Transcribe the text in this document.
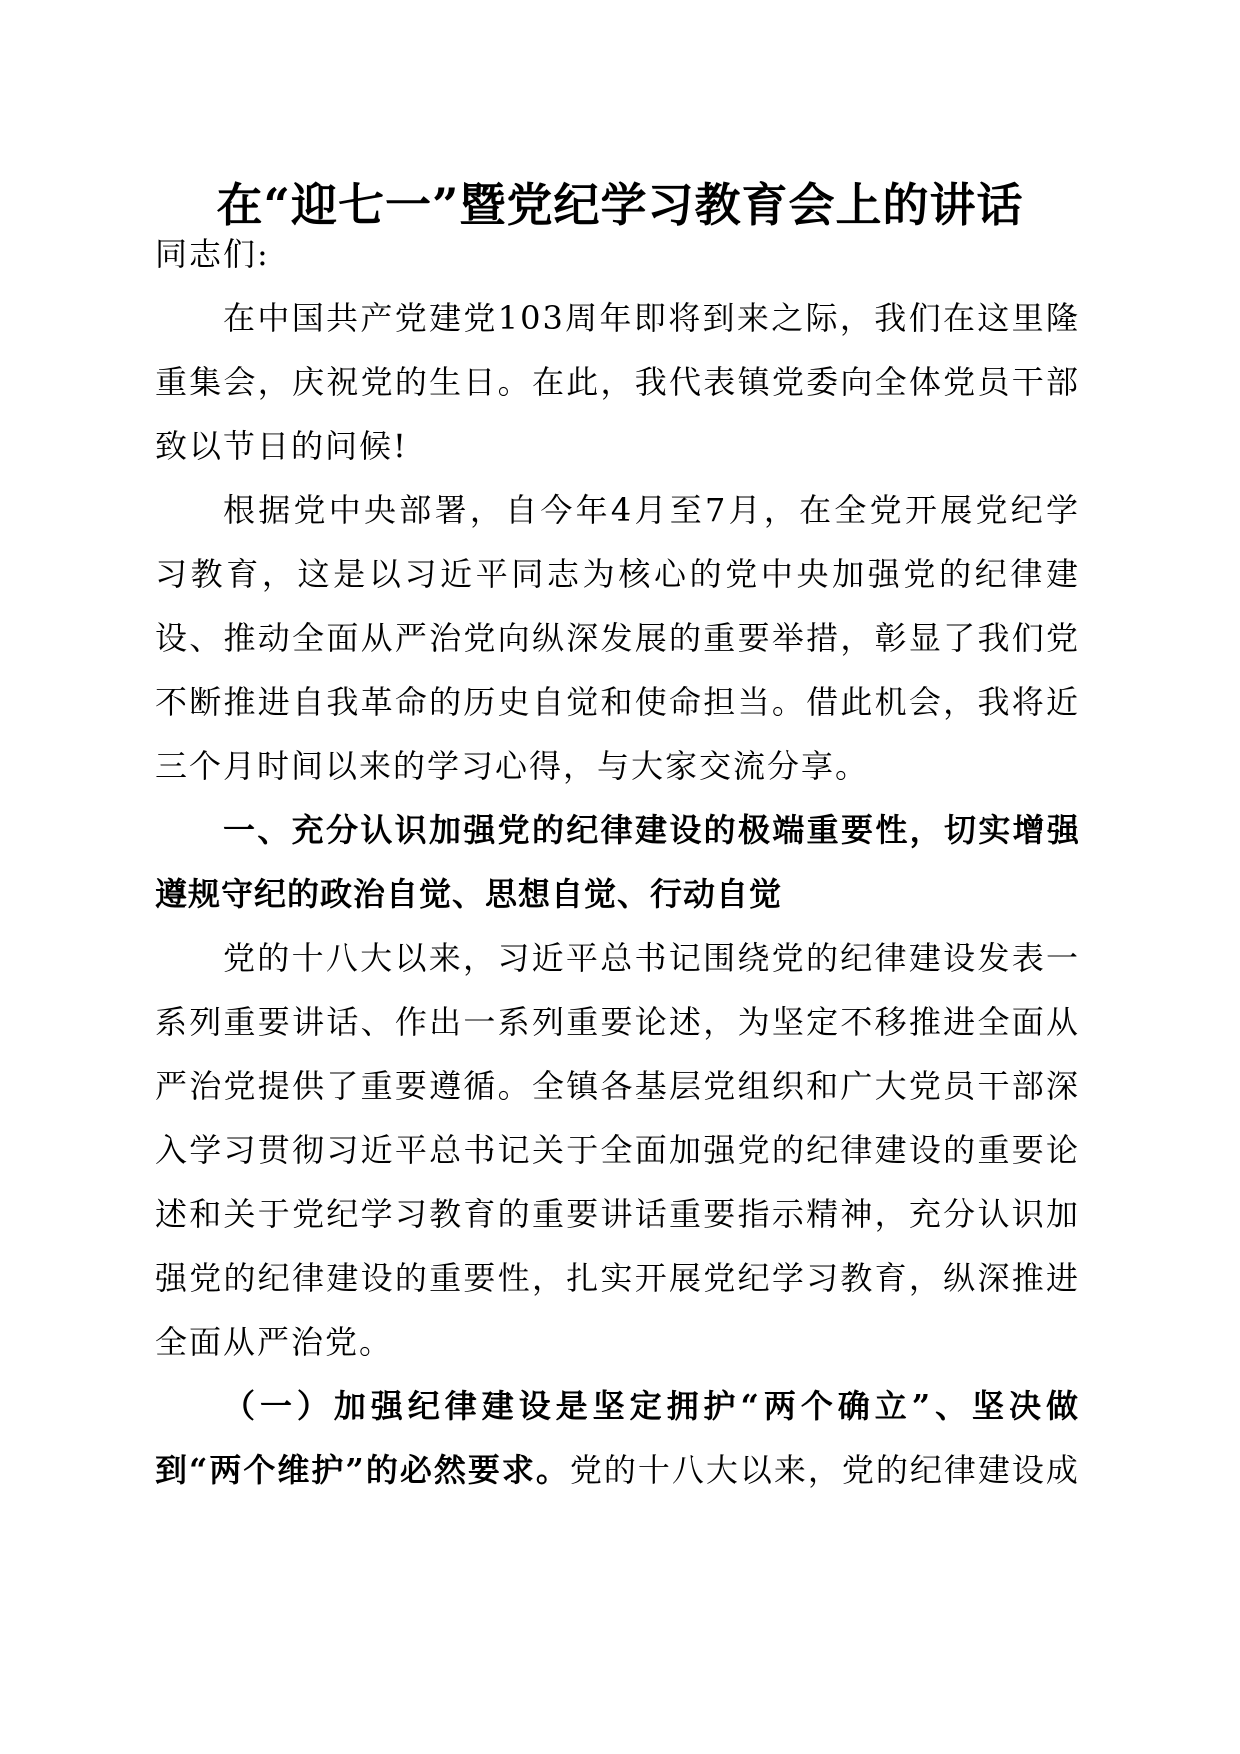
在“迎七一”暨党纪学习教育会上的讲话

同志们:

在中国共产党建党103周年即将到来之际，我们在这里隆重集会，庆祝党的生日。在此，我代表镇党委向全体党员干部致以节日的问候!

根据党中央部署，自今年4月至7月，在全党开展党纪学习教育，这是以习近平同志为核心的党中央加强党的纪律建设、推动全面从严治党向纵深发展的重要举措，彰显了我们党不断推进自我革命的历史自觉和使命担当。借此机会，我将近三个月时间以来的学习心得，与大家交流分享。

一、充分认识加强党的纪律建设的极端重要性，切实增强遵规守纪的政治自觉、思想自觉、行动自觉

党的十八大以来，习近平总书记围绕党的纪律建设发表一系列重要讲话、作出一系列重要论述，为坚定不移推进全面从严治党提供了重要遵循。全镇各基层党组织和广大党员干部深入学习贯彻习近平总书记关于全面加强党的纪律建设的重要论述和关于党纪学习教育的重要讲话重要指示精神，充分认识加强党的纪律建设的重要性，扎实开展党纪学习教育，纵深推进全面从严治党。

（一）加强纪律建设是坚定拥护“两个确立”、坚决做到“两个维护”的必然要求。党的十八大以来，党的纪律建设成
